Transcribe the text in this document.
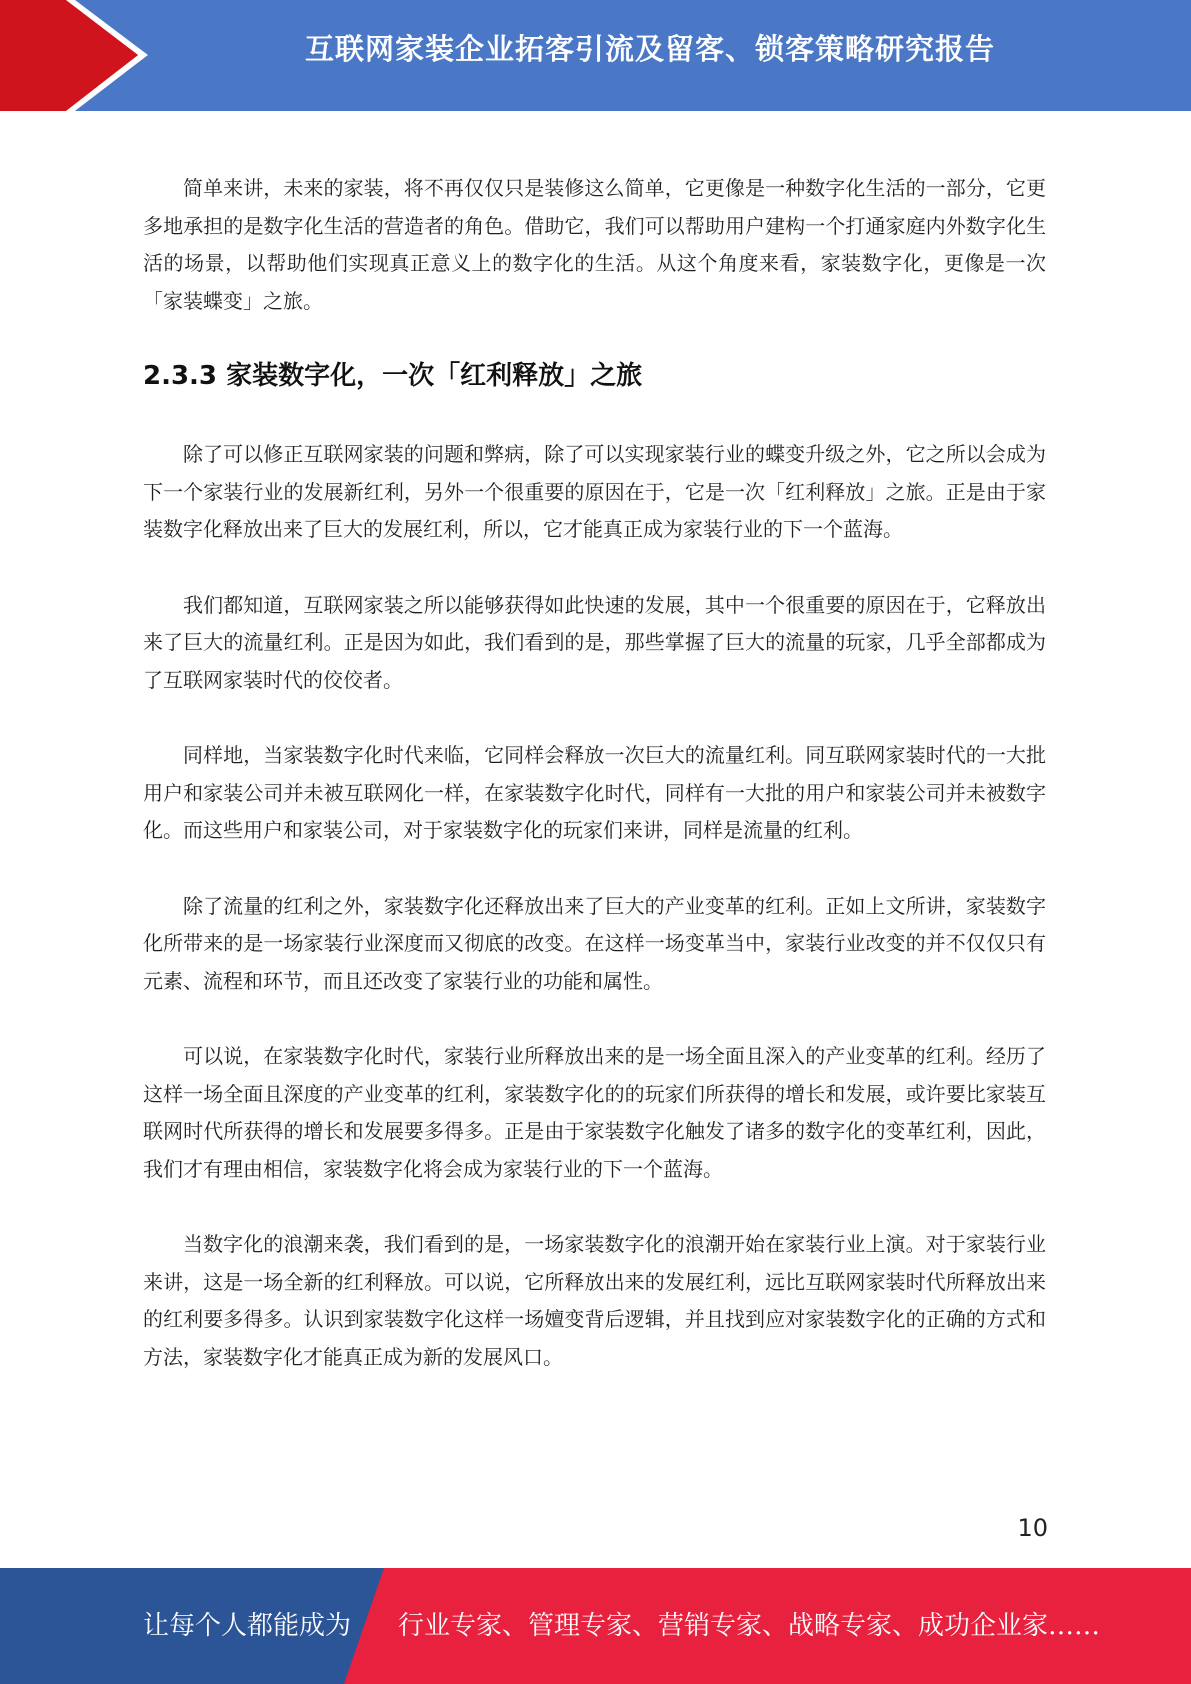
互联网家装企业拓客引流及留客、锁客策略研究报告

简单来讲，未来的家装，将不再仅仅只是装修这么简单，它更像是一种数字化生活的一部分，它更多地承担的是数字化生活的营造者的角色。借助它，我们可以帮助用户建构一个打通家庭内外数字化生活的场景，以帮助他们实现真正意义上的数字化的生活。从这个角度来看，家装数字化，更像是一次「家装蝶变」之旅。

2.3.3 家装数字化，一次「红利释放」之旅

除了可以修正互联网家装的问题和弊病，除了可以实现家装行业的蝶变升级之外，它之所以会成为下一个家装行业的发展新红利，另外一个很重要的原因在于，它是一次「红利释放」之旅。正是由于家装数字化释放出来了巨大的发展红利，所以，它才能真正成为家装行业的下一个蓝海。

我们都知道，互联网家装之所以能够获得如此快速的发展，其中一个很重要的原因在于，它释放出来了巨大的流量红利。正是因为如此，我们看到的是，那些掌握了巨大的流量的玩家，几乎全部都成为了互联网家装时代的佼佼者。

同样地，当家装数字化时代来临，它同样会释放一次巨大的流量红利。同互联网家装时代的一大批用户和家装公司并未被互联网化一样，在家装数字化时代，同样有一大批的用户和家装公司并未被数字化。而这些用户和家装公司，对于家装数字化的玩家们来讲，同样是流量的红利。

除了流量的红利之外，家装数字化还释放出来了巨大的产业变革的红利。正如上文所讲，家装数字化所带来的是一场家装行业深度而又彻底的改变。在这样一场变革当中，家装行业改变的并不仅仅只有元素、流程和环节，而且还改变了家装行业的功能和属性。

可以说，在家装数字化时代，家装行业所释放出来的是一场全面且深入的产业变革的红利。经历了这样一场全面且深度的产业变革的红利，家装数字化的的玩家们所获得的增长和发展，或许要比家装互联网时代所获得的增长和发展要多得多。正是由于家装数字化触发了诸多的数字化的变革红利，因此，我们才有理由相信，家装数字化将会成为家装行业的下一个蓝海。

当数字化的浪潮来袭，我们看到的是，一场家装数字化的浪潮开始在家装行业上演。对于家装行业来讲，这是一场全新的红利释放。可以说，它所释放出来的发展红利，远比互联网家装时代所释放出来的红利要多得多。认识到家装数字化这样一场嬗变背后逻辑，并且找到应对家装数字化的正确的方式和方法，家装数字化才能真正成为新的发展风口。

10
让每个人都能成为 行业专家、管理专家、营销专家、战略专家、成功企业家……
